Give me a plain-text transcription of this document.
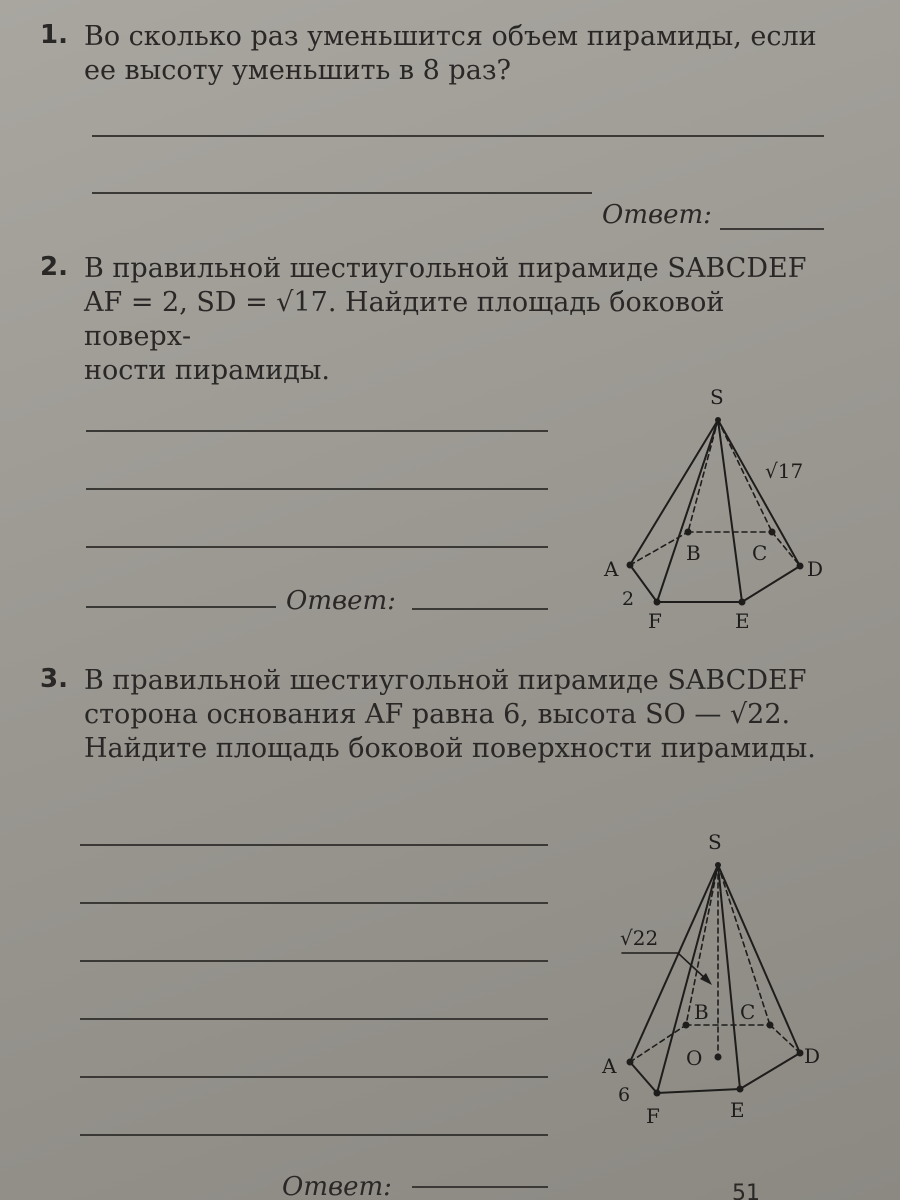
1. Во сколько раз уменьшится объем пирамиды, если

ее высоту уменьшить в 8 раз?

Ответ:
2. В правильной шестиугольной пирамиде SABCDEF

AF = 2, SD = √17. Найдите площадь боковой поверх-

ности пирамиды.

Ответ:
S
√17
B	C
A	D
2
F	E
3. В правильной шестиугольной пирамиде SABCDEF

сторона основания AF равна 6, высота SO — √22.

Найдите площадь боковой поверхности пирамиды.

Ответ:	51
S
√22
B C
O
A	D
6
F	E
